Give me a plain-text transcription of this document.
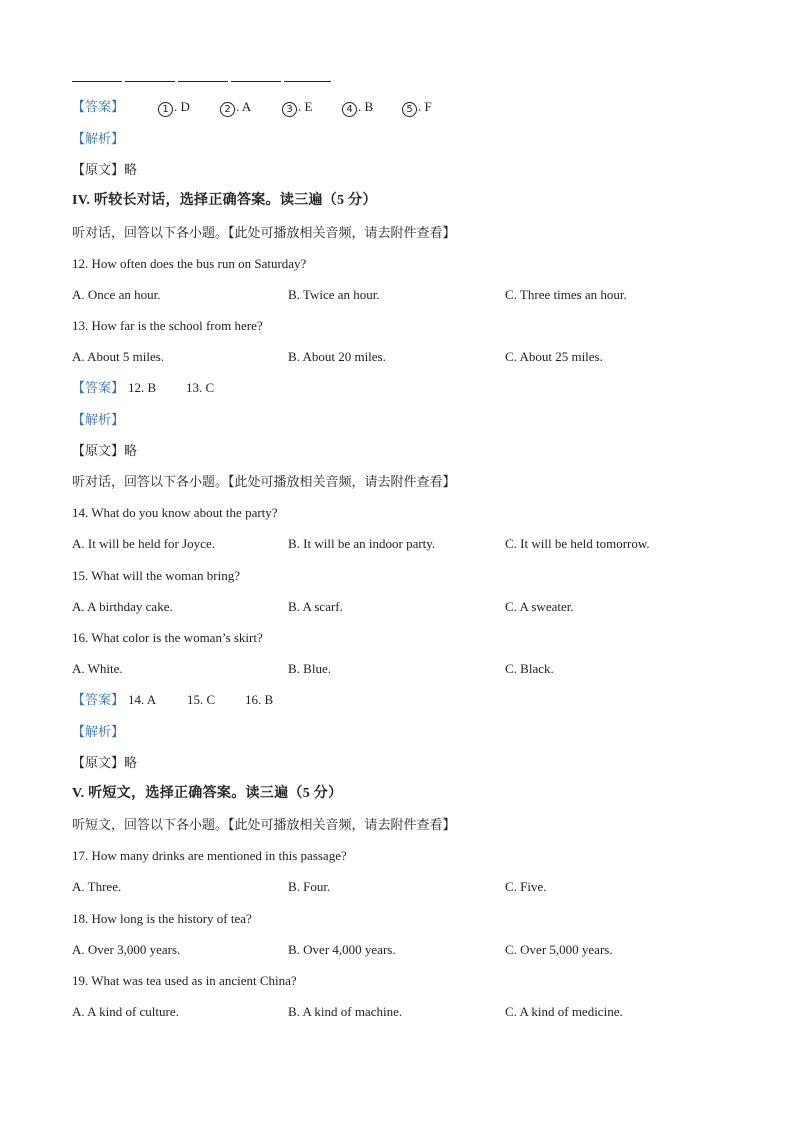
【答案】	1 . D	2 . A	3 . E	4 . B	5 . F
【解析】
【原文】略
IV. 听较长对话，选择正确答案。读三遍（5 分）
听对话，回答以下各小题。【此处可播放相关音频，请去附件查看】
12. How often does the bus run on Saturday?
A. Once an hour.	B. Twice an hour.	C. Three times an hour.
13. How far is the school from here?
A. About 5 miles.	B. About 20 miles.	C. About 25 miles.
【答案】 12. B 13. C
【解析】
【原文】略
听对话，回答以下各小题。【此处可播放相关音频，请去附件查看】
14. What do you know about the party?
A. It will be held for Joyce.	B. It will be an indoor party.	C. It will be held tomorrow.
15. What will the woman bring?
A. A birthday cake.	B. A scarf.	C. A sweater.
16. What color is the woman’s skirt?
A. White.	B. Blue.	C. Black.
【答案】 14. A 15. C 16. B
【解析】
【原文】略
V. 听短文，选择正确答案。读三遍（5 分）
听短文，回答以下各小题。【此处可播放相关音频，请去附件查看】
17. How many drinks are mentioned in this passage?
A. Three.	B. Four.	C. Five.
18. How long is the history of tea?
A. Over 3,000 years.	B. Over 4,000 years.	C. Over 5,000 years.
19. What was tea used as in ancient China?
A. A kind of culture.	B. A kind of machine.	C. A kind of medicine.
